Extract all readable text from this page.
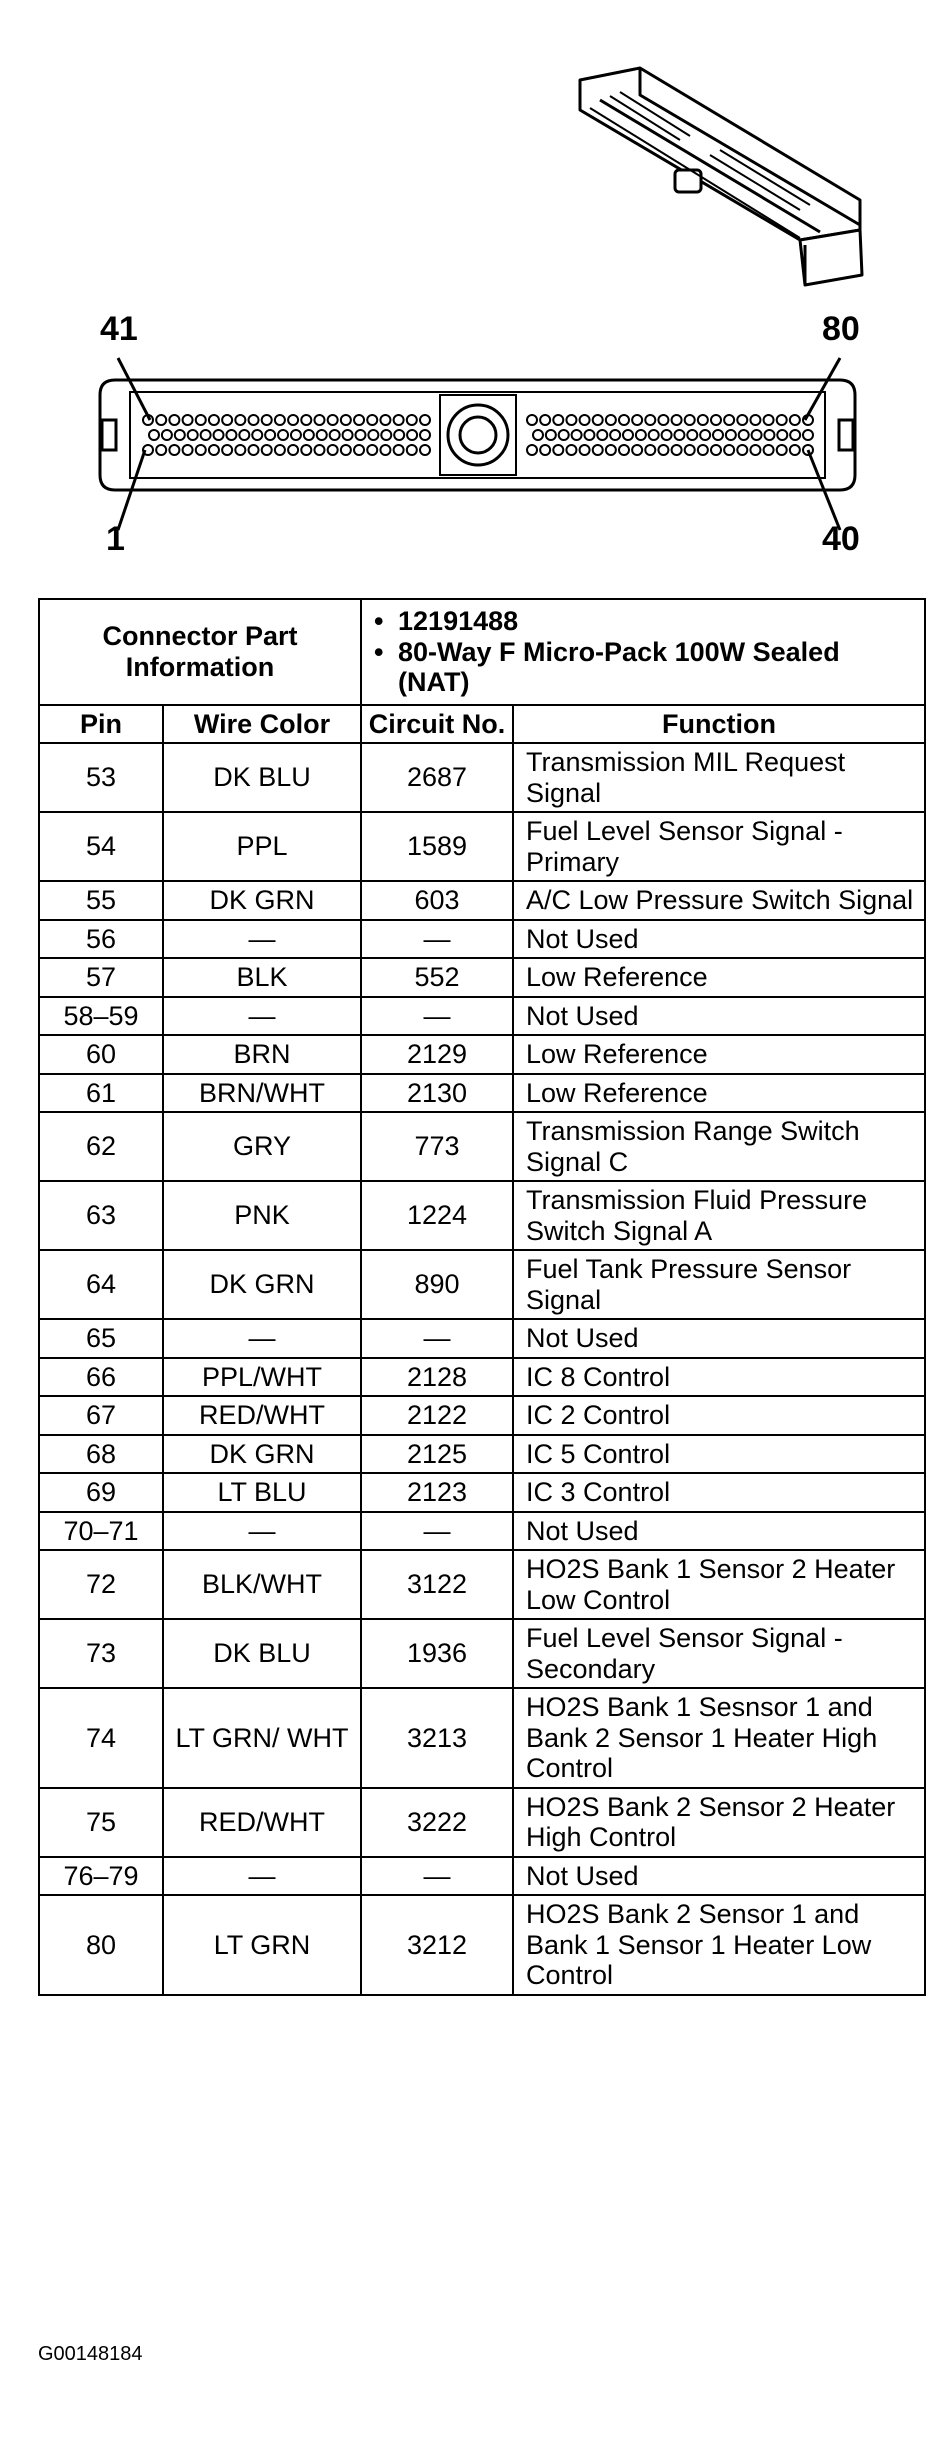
41	80
1	40
Connector Part Information		• 12191488
• 80-Way F Micro-Pack 100W Sealed (NAT)

Pin	Wire Color	Circuit No.	Function
53	DK BLU	2687	Transmission MIL Request Signal
54	PPL	1589	Fuel Level Sensor Signal - Primary
55	DK GRN	603	A/C Low Pressure Switch Signal
56	—	—	Not Used
57	BLK	552	Low Reference
58–59	—	—	Not Used
60	BRN	2129	Low Reference
61	BRN/WHT	2130	Low Reference
62	GRY	773	Transmission Range Switch Signal C
63	PNK	1224	Transmission Fluid Pressure Switch Signal A
64	DK GRN	890	Fuel Tank Pressure Sensor Signal
65	—	—	Not Used
66	PPL/WHT	2128	IC 8 Control
67	RED/WHT	2122	IC 2 Control
68	DK GRN	2125	IC 5 Control
69	LT BLU	2123	IC 3 Control
70–71	—	—	Not Used
72	BLK/WHT	3122	HO2S Bank 1 Sensor 2 Heater Low Control
73	DK BLU	1936	Fuel Level Sensor Signal - Secondary
74	LT GRN/ WHT	3213	HO2S Bank 1 Sesnsor 1 and Bank 2 Sensor 1 Heater High Control
75	RED/WHT	3222	HO2S Bank 2 Sensor 2 Heater High Control
76–79	—	—	Not Used
80	LT GRN	3212	HO2S Bank 2 Sensor 1 and Bank 1 Sensor 1 Heater Low Control
G00148184
